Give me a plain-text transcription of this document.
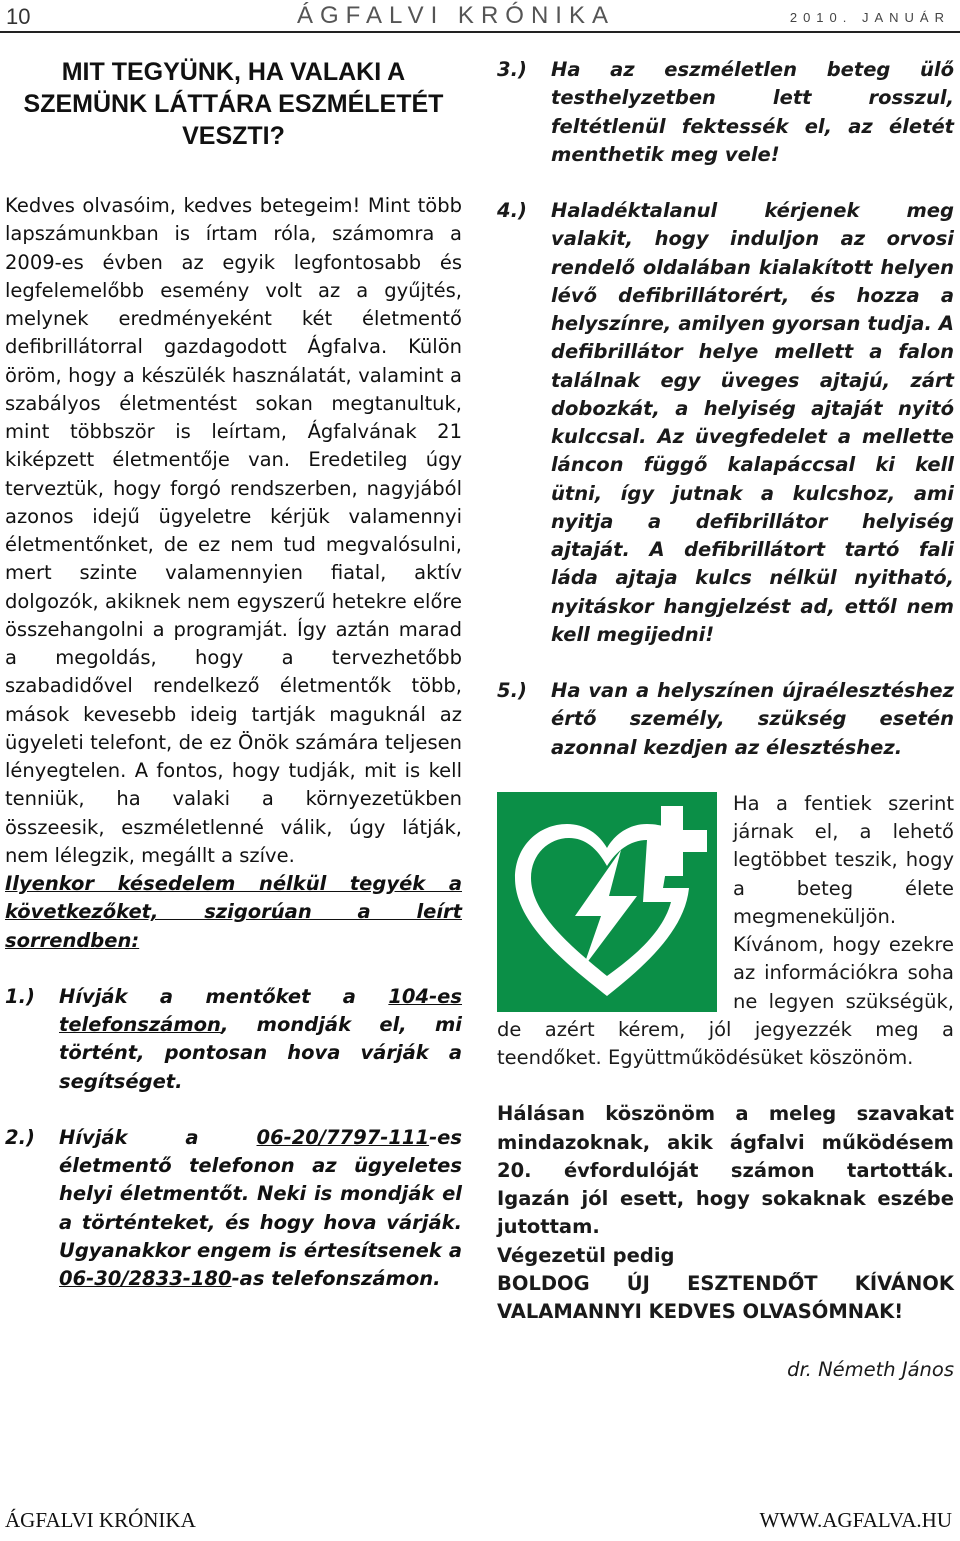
10	ÁGFALVI KRÓNIKA	2010. JANUÁR
MIT TEGYÜNK, HA VALAKI A SZEMÜNK LÁTTÁRA ESZMÉLETÉT VESZTI?

Kedves olvasóim, kedves betegeim! Mint több lapszámunkban is írtam róla, számomra a 2009-es évben az egyik legfontosabb és legfelemelőbb esemény volt az a gyűjtés, melynek eredményeként két életmentő defibrillátorral gazdagodott Ágfalva. Külön öröm, hogy a készülék használatát, valamint a szabályos életmentést sokan megtanultuk, mint többször is leírtam, Ágfalvának 21 kiképzett életmentője van. Eredetileg úgy terveztük, hogy forgó rendszerben, nagyjából azonos idejű ügyeletre kérjük valamennyi életmentőnket, de ez nem tud megvalósulni, mert szinte valamennyien fiatal, aktív dolgozók, akiknek nem egyszerű hetekre előre összehangolni a programját. Így aztán marad a megoldás, hogy a tervezhetőbb szabadidővel rendelkező életmentők több, mások kevesebb ideig tartják maguknál az ügyeleti telefont, de ez Önök számára teljesen lényegtelen. A fontos, hogy tudják, mit is kell tenniük, ha valaki a környezetükben összeesik, eszméletlenné válik, úgy látják, nem lélegzik, megállt a szíve.

Ilyenkor késedelem nélkül tegyék a következőket, szigorúan a leírt sorrendben:

1.)	Hívják a mentőket a 104-es telefonszámon, mondják el, mi történt, pontosan hova várják a segítséget.
2.)	Hívják a 06-20/7797-111-es életmentő telefonon az ügyeletes helyi életmentőt. Neki is mondják el a történteket, és hogy hova várják. Ugyanakkor engem is értesítsenek a 06-30/2833-180-as telefonszámon.
3.)	Ha az eszméletlen beteg ülő testhelyzetben lett rosszul, feltétlenül fektessék el, az életét menthetik meg vele!
4.)	Haladéktalanul kérjenek meg valakit, hogy induljon az orvosi rendelő oldalában kialakított helyen lévő defibrillátorért, és hozza a helyszínre, amilyen gyorsan tudja. A defibrillátor helye mellett a falon találnak egy üveges ajtajú, zárt dobozkát, a helyiség ajtaját nyitó kulccsal. Az üvegfedelet a mellette láncon függő kalapáccsal ki kell ütni, így jutnak a kulcshoz, ami nyitja a defibrillátor helyiség ajtaját. A defibrillátort tartó fali láda ajtaja kulcs nélkül nyitható, nyitáskor hangjelzést ad, ettől nem kell megijedni!
5.)	Ha van a helyszínen újraélesztéshez értő személy, szükség esetén azonnal kezdjen az élesztéshez.

Ha a fentiek szerint járnak el, a lehető legtöbbet teszik, hogy a beteg élete megmeneküljön. Kívánom, hogy ezekre az információkra soha ne legyen szükségük, de azért kérem, jól jegyezzék meg a teendőket. Együttműködésüket köszönöm.

Hálásan köszönöm a meleg szavakat mindazoknak, akik ágfalvi működésem 20. évfordulóját számon tartották. Igazán jól esett, hogy sokaknak eszébe jutottam.

Végezetül pedig

BOLDOG ÚJ ESZTENDŐT KÍVÁNOK VALAMANNYI KEDVES OLVASÓMNAK!

dr. Németh János
ÁGFALVI KRÓNIKA	WWW.AGFALVA.HU
